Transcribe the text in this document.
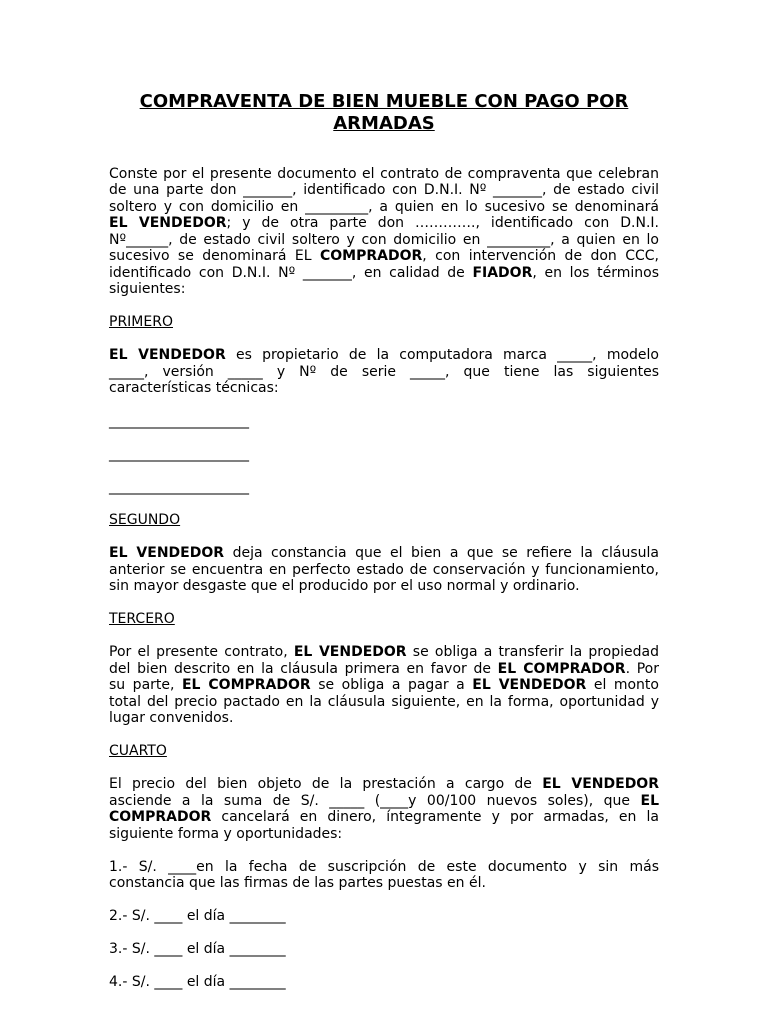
COMPRAVENTA DE BIEN MUEBLE CON PAGO POR ARMADAS
Conste por el presente documento el contrato de compraventa que celebran
de una parte don _______, identificado con D.N.I. Nº _______, de estado civil
soltero y con domicilio en _________, a quien en lo sucesivo se denominará
EL VENDEDOR; y de otra parte don …………., identificado con D.N.I.
Nº______, de estado civil soltero y con domicilio en _________, a quien en lo
sucesivo se denominará EL COMPRADOR, con intervención de don CCC,
identificado con D.N.I. Nº _______, en calidad de FIADOR, en los términos
siguientes:
PRIMERO
EL VENDEDOR es propietario de la computadora marca _____, modelo
_____, versión _____ y Nº de serie _____, que tiene las siguientes
características técnicas:
____________________
____________________
____________________
SEGUNDO
EL VENDEDOR deja constancia que el bien a que se refiere la cláusula
anterior se encuentra en perfecto estado de conservación y funcionamiento,
sin mayor desgaste que el producido por el uso normal y ordinario.
TERCERO
Por el presente contrato, EL VENDEDOR se obliga a transferir la propiedad
del bien descrito en la cláusula primera en favor de EL COMPRADOR. Por
su parte, EL COMPRADOR se obliga a pagar a EL VENDEDOR el monto
total del precio pactado en la cláusula siguiente, en la forma, oportunidad y
lugar convenidos.
CUARTO
El precio del bien objeto de la prestación a cargo de EL VENDEDOR
asciende a la suma de S/. _____ (____y 00/100 nuevos soles), que EL
COMPRADOR cancelará en dinero, íntegramente y por armadas, en la
siguiente forma y oportunidades:
1.- S/. ____en la fecha de suscripción de este documento y sin más
constancia que las firmas de las partes puestas en él.
2.- S/. ____ el día ________
3.- S/. ____ el día ________
4.- S/. ____ el día ________
